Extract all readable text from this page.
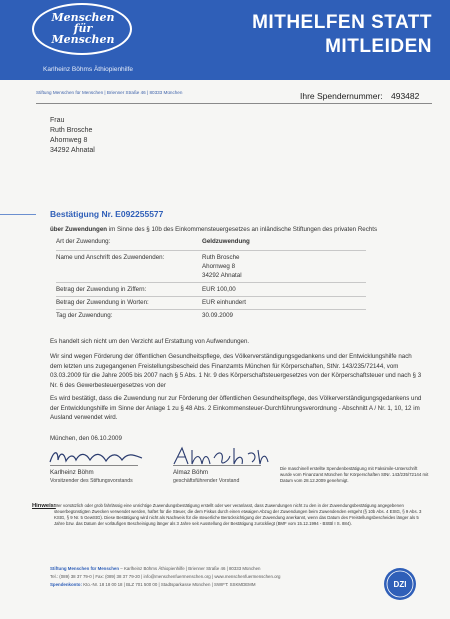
Menschen
für
Menschen
Karlheinz Böhms Äthiopienhilfe
MITHELFEN STATT
MITLEIDEN
Stiftung Menschen für Menschen | Brienner Straße 46 | 80333 München	Ihre Spendernummer: 493482
Frau
Ruth Brosche
Ahornweg 8
34292 Ahnatal
Bestätigung Nr. E092255577
über Zuwendungen im Sinne des § 10b des Einkommensteuergesetzes an inländische Stiftungen des privaten Rechts
Art der Zuwendung:	Geldzuwendung
Name und Anschrift des Zuwendenden:	Ruth Brosche
Ahornweg 8
34292 Ahnatal
Betrag der Zuwendung in Ziffern:	EUR 100,00
Betrag der Zuwendung in Worten:	EUR einhundert
Tag der Zuwendung:	30.09.2009
Es handelt sich nicht um den Verzicht auf Erstattung von Aufwendungen.
Wir sind wegen Förderung der öffentlichen Gesundheitspflege, des Völkerverständigungsgedankens und der Entwicklungshilfe nach dem letzten uns zugegangenen Freistellungsbescheid des Finanzamts München für Körperschaften, StNr. 143/235/72144, vom 03.03.2009 für die Jahre 2005 bis 2007 nach § 5 Abs. 1 Nr. 9 des Körperschaftsteuergesetzes von der Körperschaftsteuer und nach § 3 Nr. 6 des Gewerbesteuergesetzes von der
Es wird bestätigt, dass die Zuwendung nur zur Förderung der öffentlichen Gesundheitspflege, des Völkerverständigungsgedankens und der Entwicklungshilfe im Sinne der Anlage 1 zu § 48 Abs. 2 Einkommensteuer-Durchführungsverordnung - Abschnitt A / Nr. 1, 10, 12 im Ausland verwendet wird.
München, den 06.10.2009
Karlheinz Böhm
Vorsitzender des Stiftungsvorstands
Almaz Böhm
geschäftsführender Vorstand
Die maschinell erstellte Spendenbestätigung mit Faksimile-Unterschrift wurde vom Finanzamt München für Körperschaften StNr. 143/235/72144 mit Datum vom 28.12.2009 genehmigt.
Hinweis:
Wer vorsätzlich oder grob fahrlässig eine unrichtige Zuwendungsbestätigung erstellt oder wer veranlasst, dass Zuwendungen nicht zu den in der Zuwendungsbestätigung angegebenen steuerbegünstigten Zwecken verwendet werden, haftet für die Steuer, die dem Fiskus durch einen etwaigen Abzug der Zuwendungen beim Zuwendenden entgeht (§ 10b Abs. 4 EStG, § 9 Abs. 3 KStG, § 9 Nr. 5 GewStG). Diese Bestätigung wird nicht als Nachweis für die steuerliche Berücksichtigung der Zuwendung anerkannt, wenn das Datum des Freistellungsbescheides länger als 5 Jahre bzw. das Datum der vorläufigen Bescheinigung länger als 3 Jahre seit Ausstellung der Bestätigung zurückliegt (BMF vom 15.12.1994 - BStBl I S. 884).
Stiftung Menschen für Menschen – Karlheinz Böhms Äthiopienhilfe | Brienner Straße 46 | 80333 München
Tel.: (089) 38 37 79-0 | Fax: (089) 38 37 79-20 | info@menschenfuermenschen.org | www.menschenfuermenschen.org
Spendenkonto: Kto.-Nr. 18 18 00 18 | BLZ 701 500 00 | Stadtsparkasse München | SWIFT: SSKMDEMM	DZI
